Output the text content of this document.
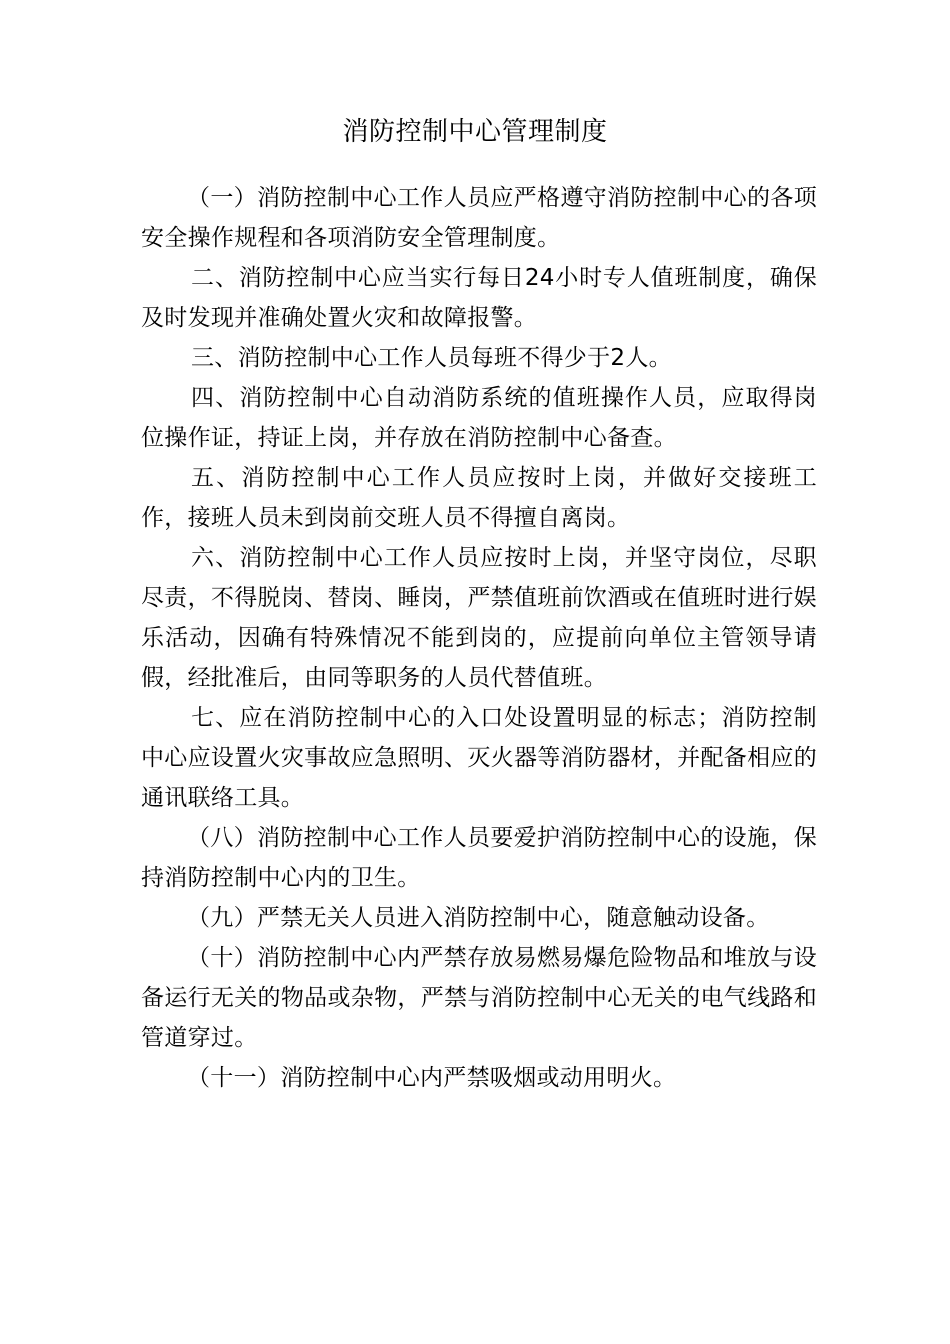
消防控制中心管理制度

（一）消防控制中心工作人员应严格遵守消防控制中心的各项安全操作规程和各项消防安全管理制度。

二、消防控制中心应当实行每日24小时专人值班制度，确保及时发现并准确处置火灾和故障报警。

三、消防控制中心工作人员每班不得少于2人。

四、消防控制中心自动消防系统的值班操作人员，应取得岗位操作证，持证上岗，并存放在消防控制中心备查。

五、消防控制中心工作人员应按时上岗，并做好交接班工作，接班人员未到岗前交班人员不得擅自离岗。

六、消防控制中心工作人员应按时上岗，并坚守岗位，尽职尽责，不得脱岗、替岗、睡岗，严禁值班前饮酒或在值班时进行娱乐活动，因确有特殊情况不能到岗的，应提前向单位主管领导请假，经批准后，由同等职务的人员代替值班。

七、应在消防控制中心的入口处设置明显的标志；消防控制中心应设置火灾事故应急照明、灭火器等消防器材，并配备相应的通讯联络工具。

（八）消防控制中心工作人员要爱护消防控制中心的设施，保持消防控制中心内的卫生。

（九）严禁无关人员进入消防控制中心，随意触动设备。

（十）消防控制中心内严禁存放易燃易爆危险物品和堆放与设备运行无关的物品或杂物，严禁与消防控制中心无关的电气线路和管道穿过。

（十一）消防控制中心内严禁吸烟或动用明火。
